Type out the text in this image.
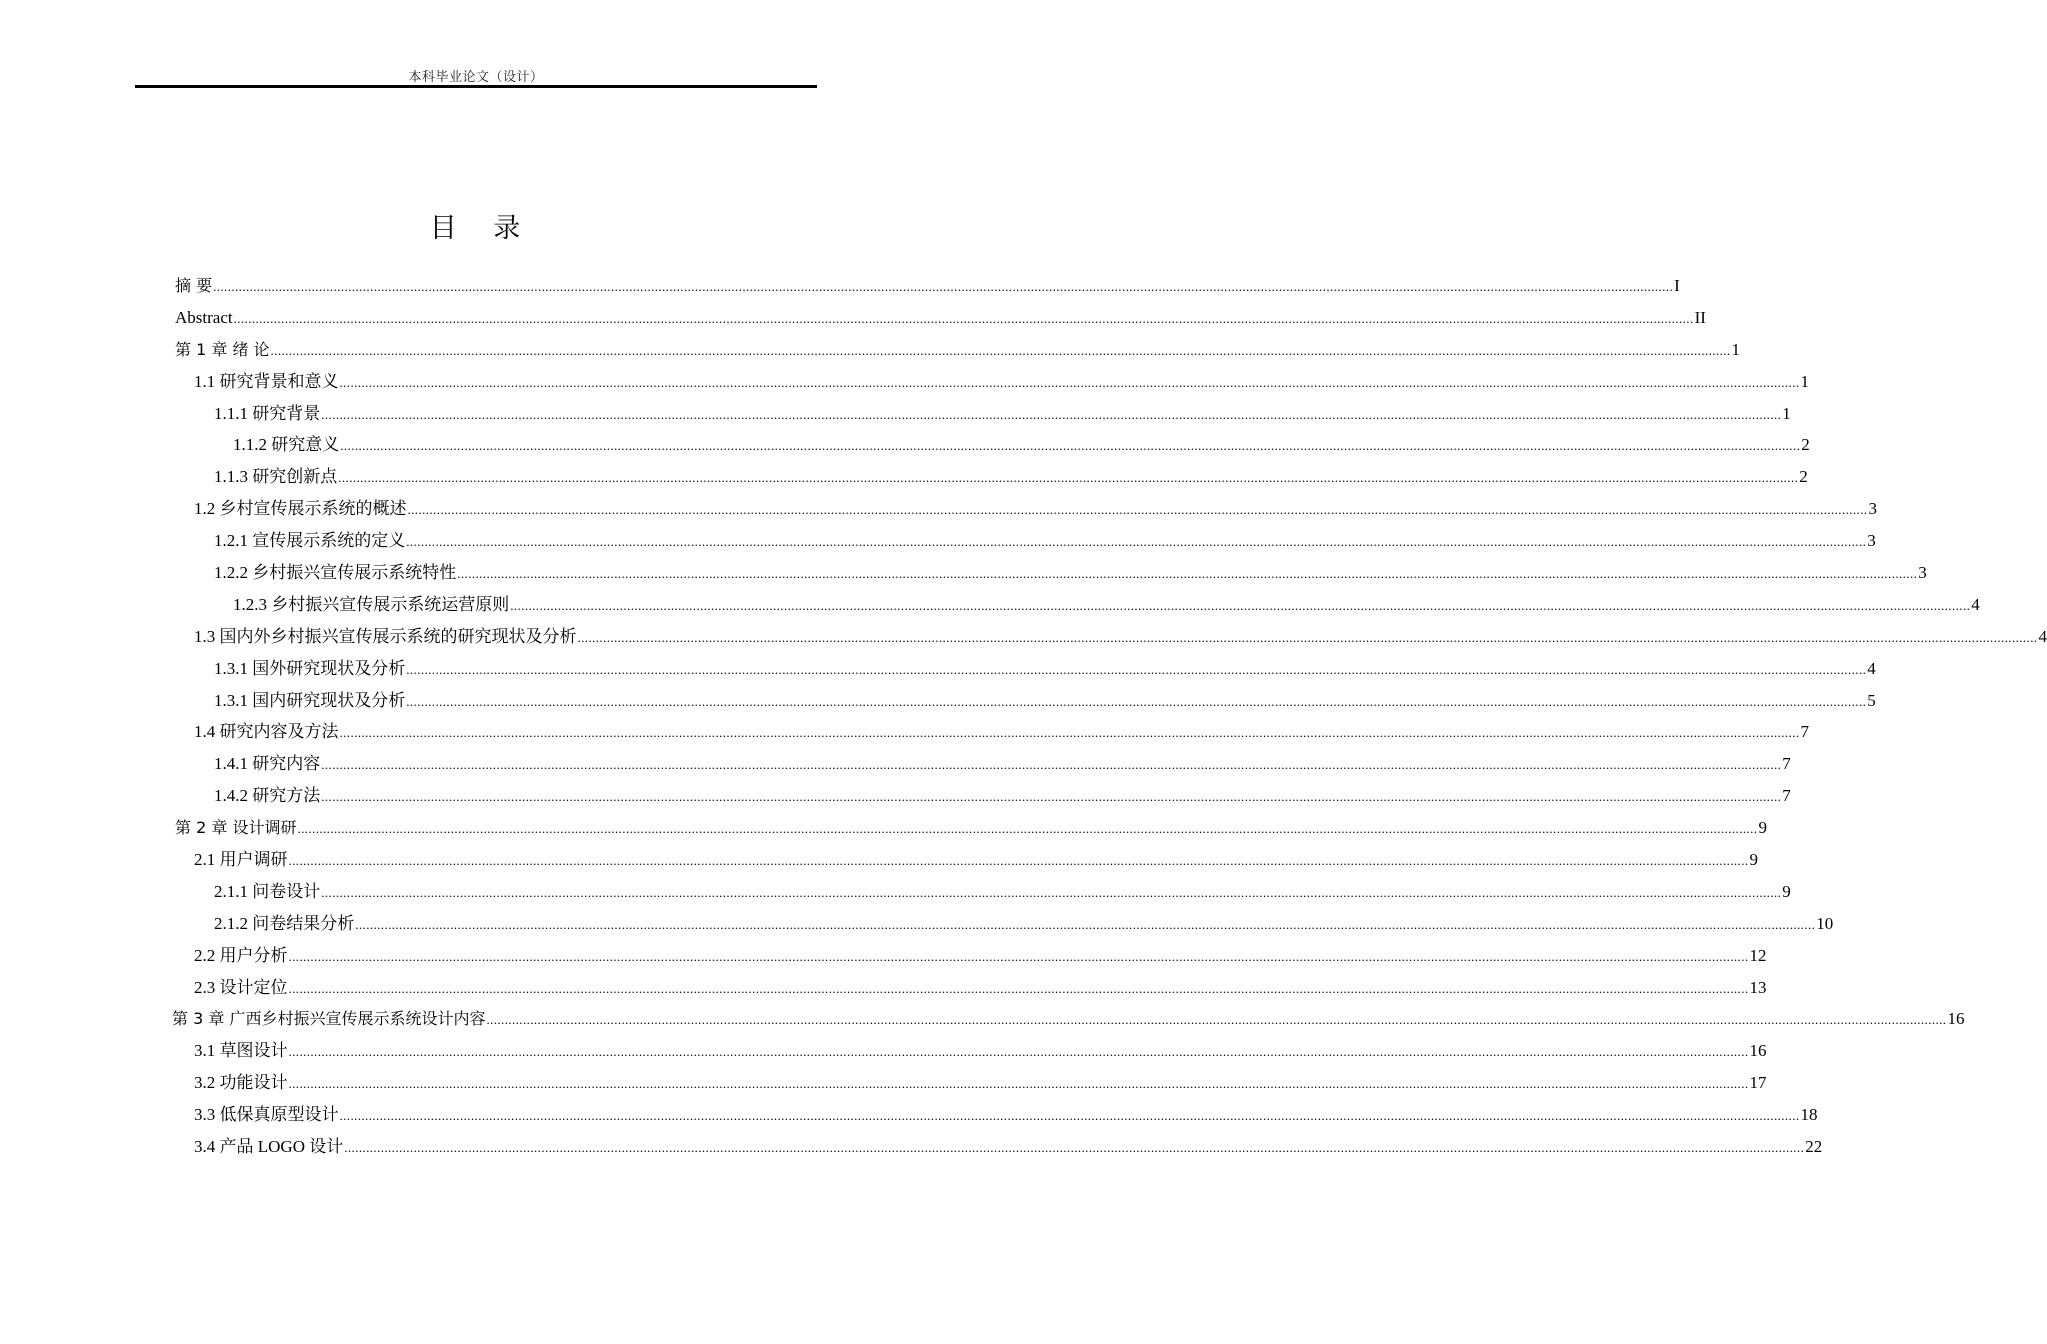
本科毕业论文（设计）
目 录
摘 要 ................................................................................................................................................................................................................................................................................................................................................................................................................ I
Abstract ................................................................................................................................................................................................................................................................................................................................................................................................................ II
第 1 章 绪 论 ................................................................................................................................................................................................................................................................................................................................................................................................................ 1
1.1 研究背景和意义 ................................................................................................................................................................................................................................................................................................................................................................................................................ 1
1.1.1 研究背景 ................................................................................................................................................................................................................................................................................................................................................................................................................ 1
1.1.2 研究意义 ................................................................................................................................................................................................................................................................................................................................................................................................................ 2
1.1.3 研究创新点 ................................................................................................................................................................................................................................................................................................................................................................................................................ 2
1.2 乡村宣传展示系统的概述 ................................................................................................................................................................................................................................................................................................................................................................................................................ 3
1.2.1 宣传展示系统的定义 ................................................................................................................................................................................................................................................................................................................................................................................................................ 3
1.2.2 乡村振兴宣传展示系统特性 ................................................................................................................................................................................................................................................................................................................................................................................................................ 3
1.2.3 乡村振兴宣传展示系统运营原则 ................................................................................................................................................................................................................................................................................................................................................................................................................ 4
1.3 国内外乡村振兴宣传展示系统的研究现状及分析 ................................................................................................................................................................................................................................................................................................................................................................................................................ 4
1.3.1 国外研究现状及分析 ................................................................................................................................................................................................................................................................................................................................................................................................................ 4
1.3.1 国内研究现状及分析 ................................................................................................................................................................................................................................................................................................................................................................................................................ 5
1.4 研究内容及方法 ................................................................................................................................................................................................................................................................................................................................................................................................................ 7
1.4.1 研究内容 ................................................................................................................................................................................................................................................................................................................................................................................................................ 7
1.4.2 研究方法 ................................................................................................................................................................................................................................................................................................................................................................................................................ 7
第 2 章 设计调研 ................................................................................................................................................................................................................................................................................................................................................................................................................ 9
2.1 用户调研 ................................................................................................................................................................................................................................................................................................................................................................................................................ 9
2.1.1 问卷设计 ................................................................................................................................................................................................................................................................................................................................................................................................................ 9
2.1.2 问卷结果分析 ................................................................................................................................................................................................................................................................................................................................................................................................................ 10
2.2 用户分析 ................................................................................................................................................................................................................................................................................................................................................................................................................ 12
2.3 设计定位 ................................................................................................................................................................................................................................................................................................................................................................................................................ 13
第 3 章 广西乡村振兴宣传展示系统设计内容 ................................................................................................................................................................................................................................................................................................................................................................................................................ 16
3.1 草图设计 ................................................................................................................................................................................................................................................................................................................................................................................................................ 16
3.2 功能设计 ................................................................................................................................................................................................................................................................................................................................................................................................................ 17
3.3 低保真原型设计 ................................................................................................................................................................................................................................................................................................................................................................................................................ 18
3.4 产品 LOGO 设计 ................................................................................................................................................................................................................................................................................................................................................................................................................ 22
